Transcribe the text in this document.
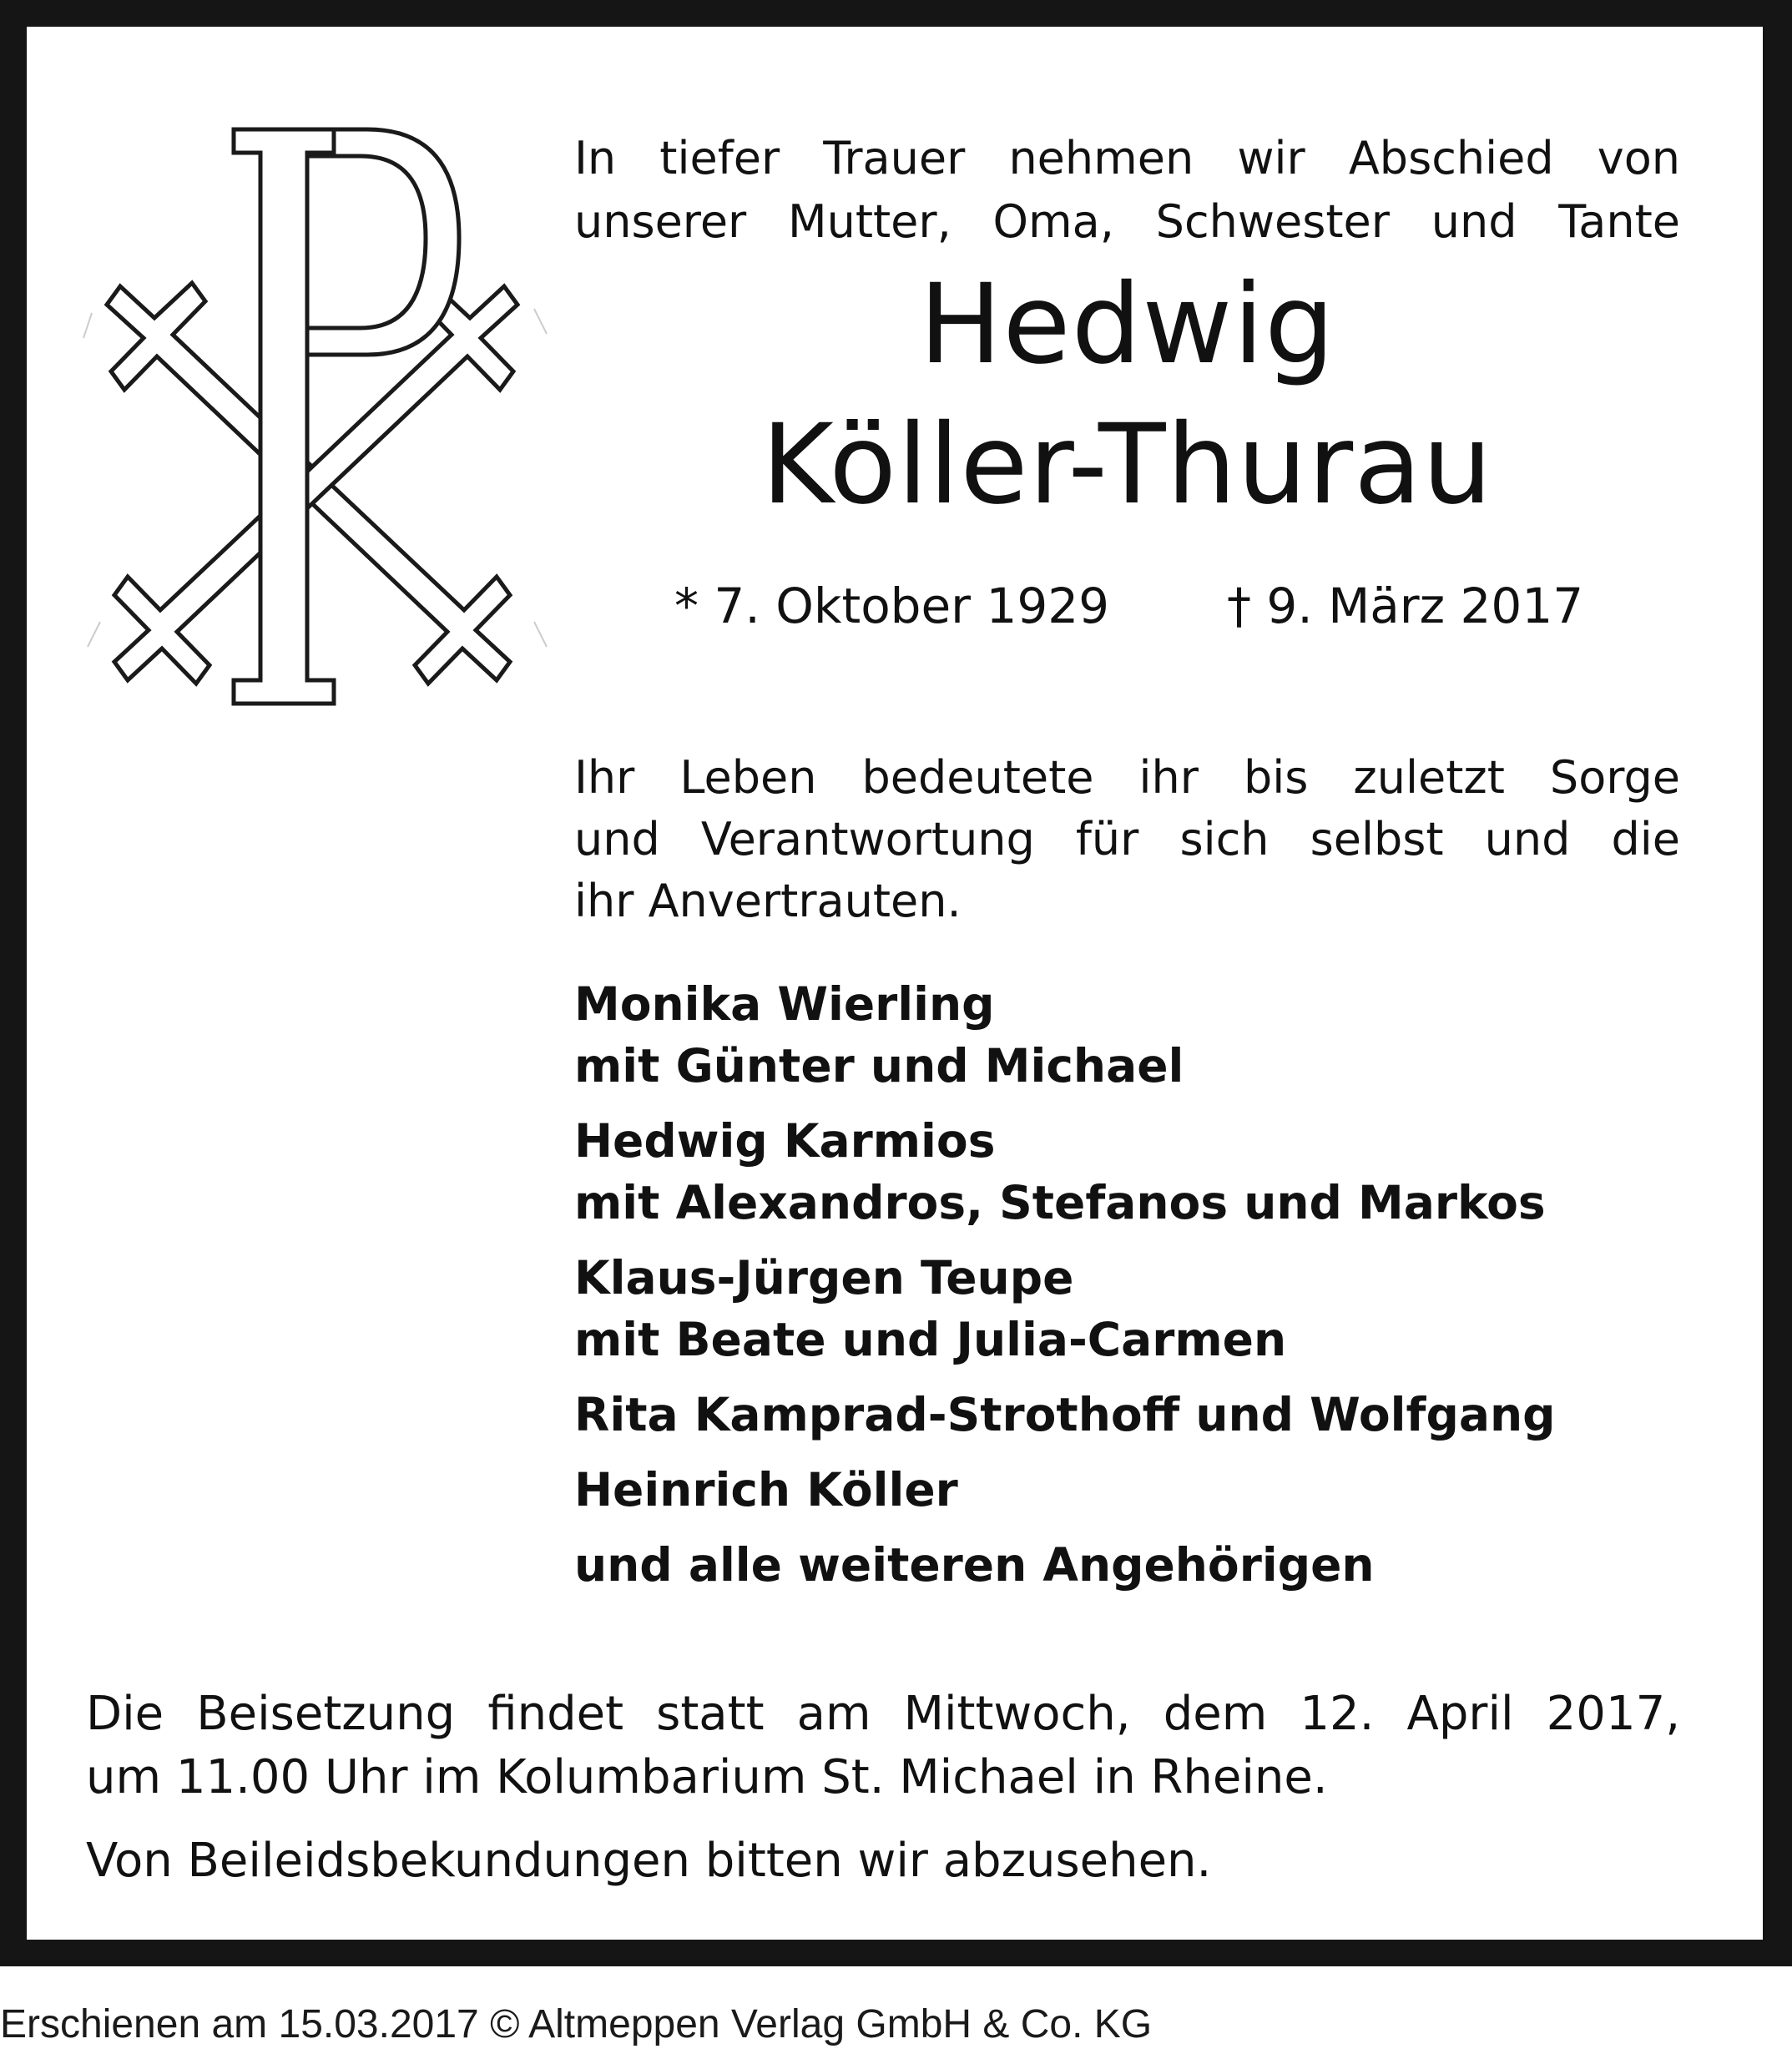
In tiefer Trauer nehmen wir Abschied von
unserer Mutter, Oma, Schwester und Tante
Hedwig
Köller-Thurau
* 7. Oktober 1929 † 9. März 2017
Ihr Leben bedeutete ihr bis zuletzt Sorge
und Verantwortung für sich selbst und die
ihr Anvertrauten.
Monika Wierling
mit Günter und Michael
Hedwig Karmios
mit Alexandros, Stefanos und Markos
Klaus-Jürgen Teupe
mit Beate und Julia-Carmen
Rita Kamprad-Strothoff und Wolfgang
Heinrich Köller
und alle weiteren Angehörigen
Die Beisetzung findet statt am Mittwoch, dem 12. April 2017,
um 11.00 Uhr im Kolumbarium St. Michael in Rheine.
Von Beileidsbekundungen bitten wir abzusehen.
Erschienen am 15.03.2017 © Altmeppen Verlag GmbH & Co. KG
